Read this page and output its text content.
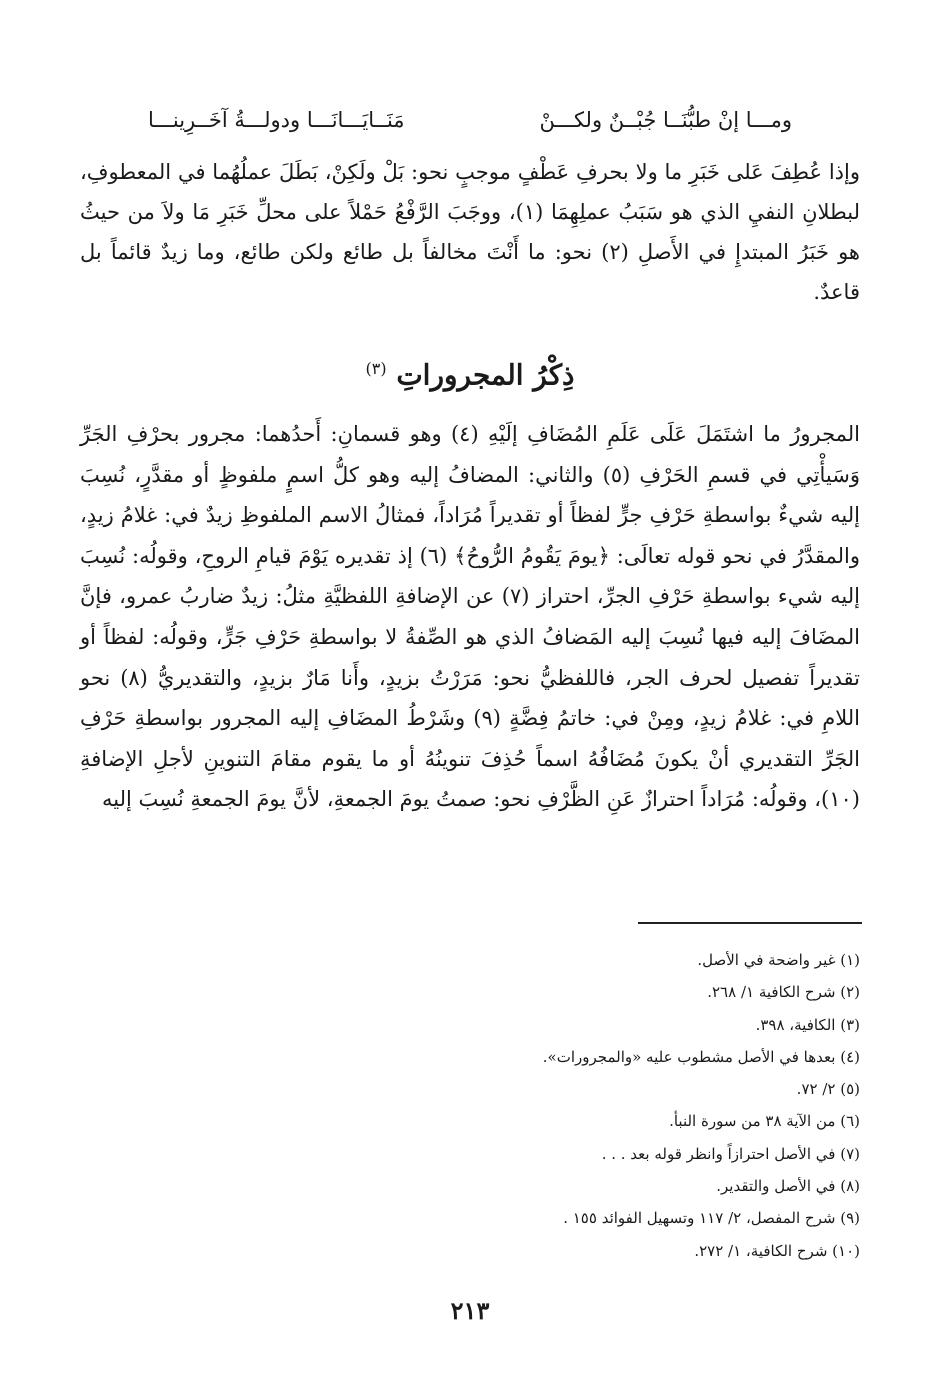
ومـــا إنْ طبُّنَــا جُبْــنٌ ولكـــنْ
مَنَــايَـــانَـــا ودولـــةُ آخَــرِينـــا

وإذا عُطِفَ عَلى خَبَرِ ما ولا بحرفِ عَطْفٍ موجبٍ نحو: بَلْ ولَكِنْ، بَطَلَ عملُهُما في المعطوفِ، لبطلانِ النفيِ الذي هو سَبَبُ عملِهِمَا (١)، ووجَبَ الرَّفْعُ حَمْلاً على محلِّ خَبَرِ مَا ولاَ من حيثُ هو خَبَرُ المبتدإِ في الأَصلِ (٢) نحو: ما أَنْتَ مخالفاً بل طائع ولكن طائع، وما زيدٌ قائماً بل قاعدٌ.

ذِكْرُ المجروراتِ $^{(٣)}$

المجرورُ ما اشتَمَلَ عَلَى عَلَمِ المُضَافِ إلَيْهِ (٤) وهو قسمانِ: أَحدُهما: مجرور بحرْفِ الجَرِّ وَسَيأْتِي في قسمِ الحَرْفِ (٥) والثاني: المضافُ إليه وهو كلُّ اسمٍ ملفوظٍ أو مقدَّرٍ، نُسِبَ إليه شيءٌ بواسطةِ حَرْفِ جرٍّ لفظاً أو تقديراً مُرَاداً، فمثالُ الاسم الملفوظِ زيدٌ في: غلامُ زيدٍ، والمقدَّرُ في نحو قوله تعالَى: ﴿يومَ يَقُومُ الرُّوحُ﴾ (٦) إذ تقديره يَوْمَ قيامِ الروحِ، وقولُه: نُسِبَ إليه شيء بواسطةِ حَرْفِ الجرِّ، احتراز (٧) عن الإضافةِ اللفظيَّةِ مثلُ: زيدٌ ضاربُ عمرو، فإنَّ المضَافَ إليه فيها نُسِبَ إليه المَضافُ الذي هو الصِّفةُ لا بواسطةِ حَرْفِ جَرٍّ، وقولُه: لفظاً أو تقديراً تفصيل لحرف الجر، فاللفظيُّ نحو: مَرَرْتُ بزيدٍ، وأَنا مَارٌ بزيدٍ، والتقديريُّ (٨) نحو اللامِ في: غلامُ زيدٍ، ومِنْ في: خاتمُ فِضَّةٍ (٩) وشَرْطُ المضَافِ إليه المجرور بواسطةِ حَرْفِ الجَرِّ التقديري أنْ يكونَ مُضَافُهُ اسماً حُذِفَ تنوينُهُ أو ما يقوم مقامَ التنوينِ لأجلِ الإضافةِ (١٠)، وقولُه: مُرَاداً احترازٌ عَنِ الظَّرْفِ نحو: صمتُ يومَ الجمعةِ، لأنَّ يومَ الجمعةِ نُسِبَ إليه

(١) غير واضحة في الأصل.
(٢) شرح الكافية ١/ ٢٦٨.
(٣) الكافية، ٣٩٨.
(٤) بعدها في الأصل مشطوب عليه «والمجرورات».
(٥) ٢/ ٧٢.
(٦) من الآية ٣٨ من سورة النبأ.
(٧) في الأصل احترازاً وانظر قوله بعد . . .
(٨) في الأصل والتقدير.
(٩) شرح المفصل، ٢/ ١١٧ وتسهيل الفوائد ١٥٥ .
(١٠) شرح الكافية، ١/ ٢٧٢.
٢١٣
